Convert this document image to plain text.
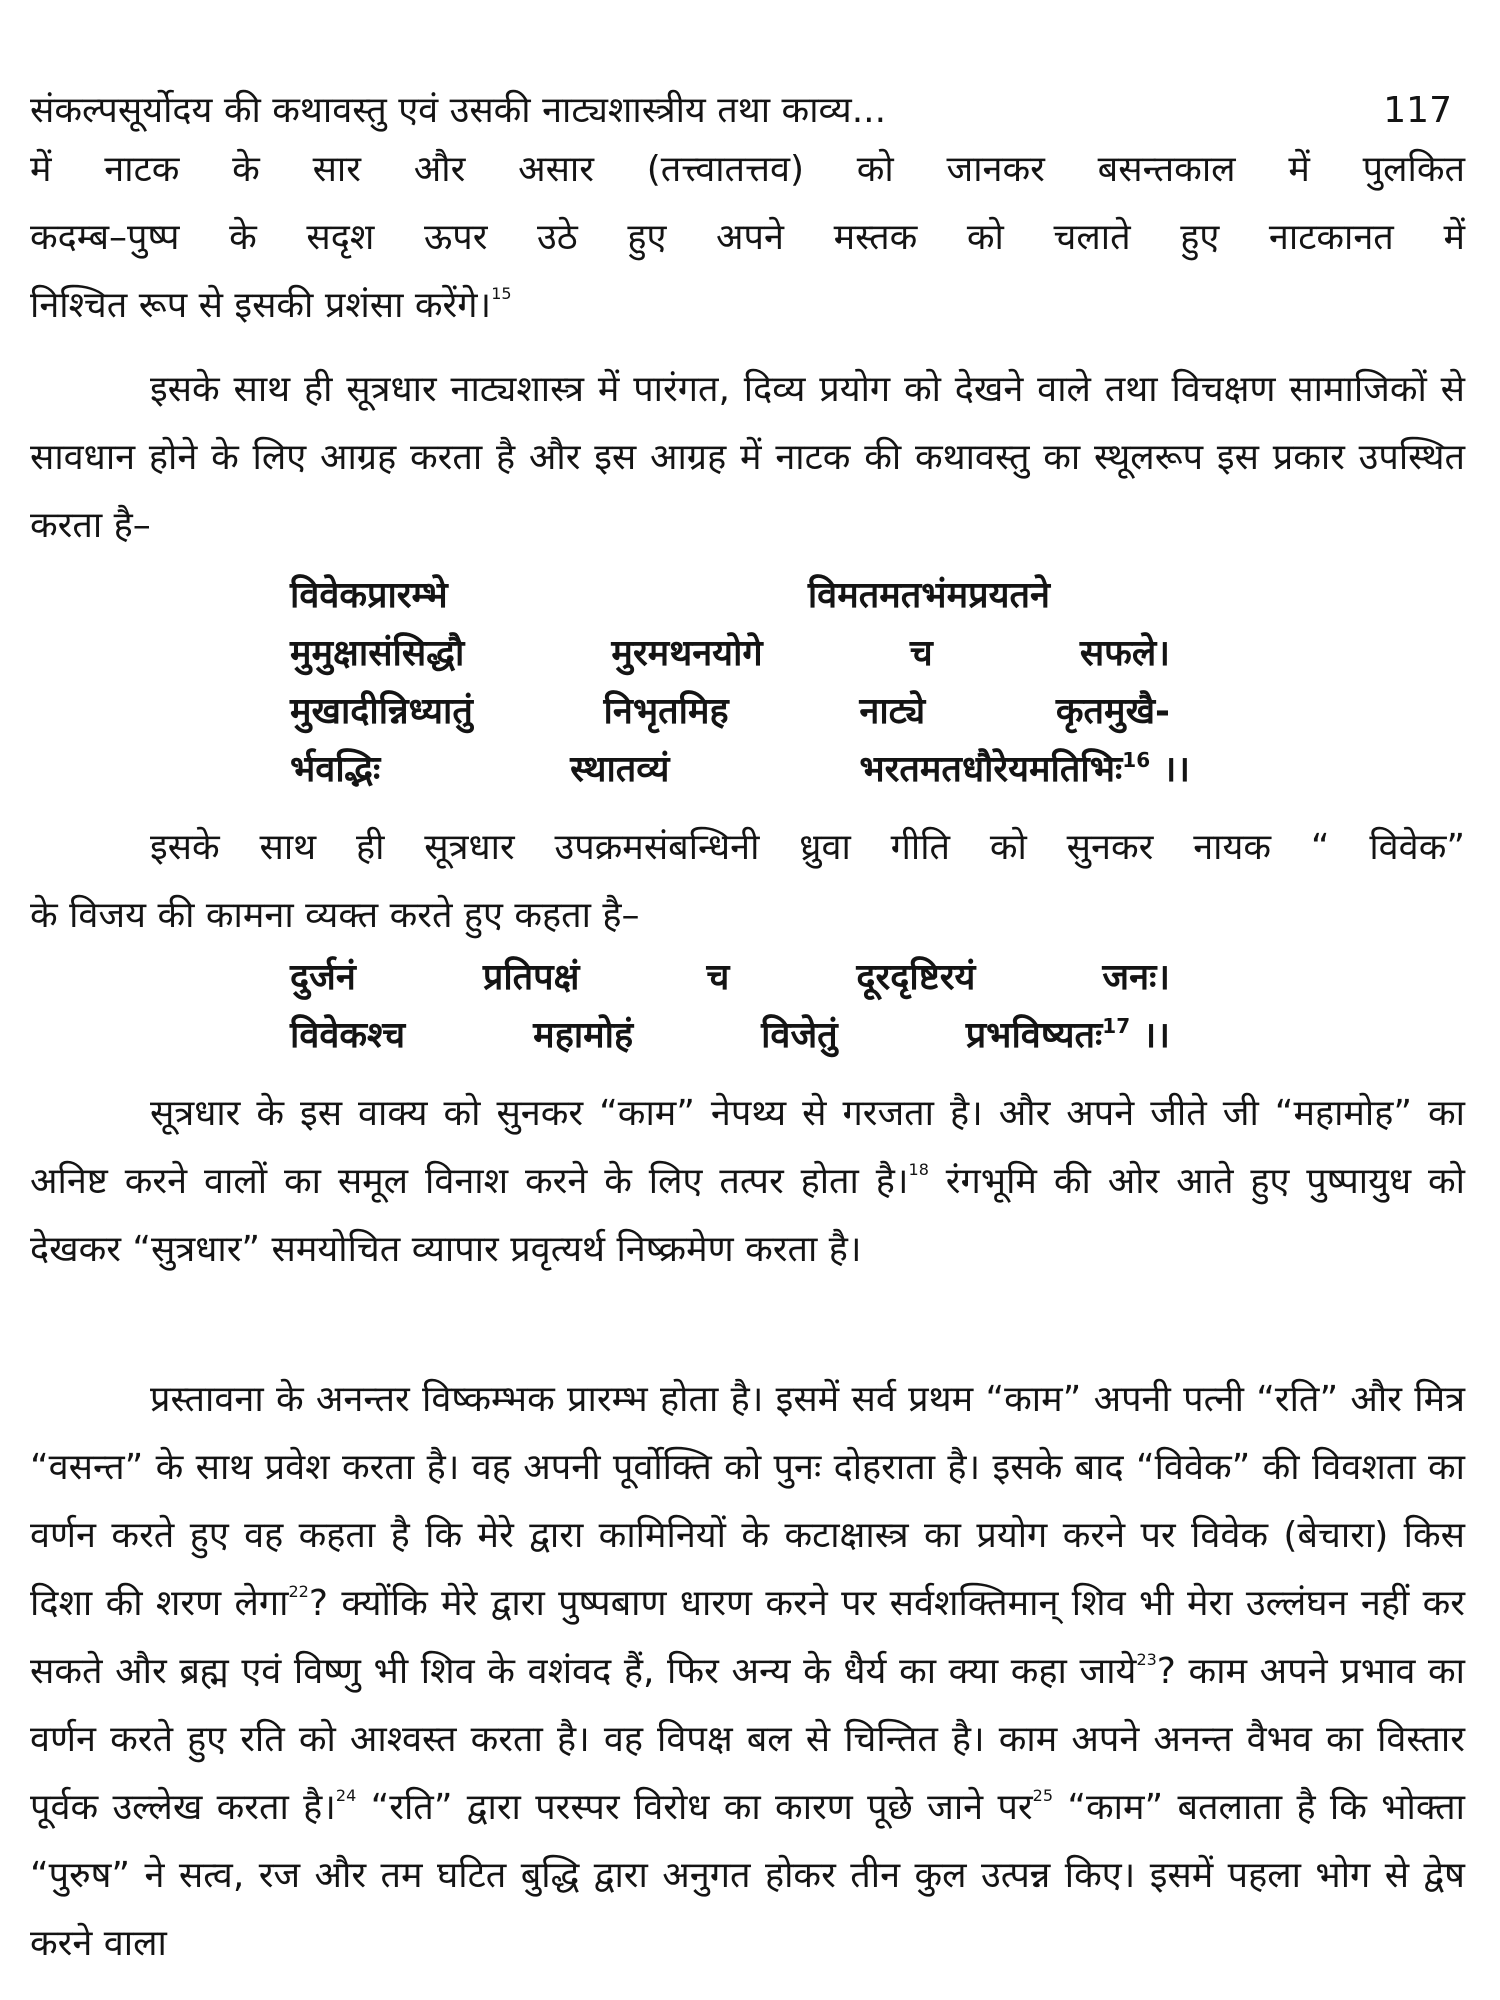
संकल्पसूर्योदय की कथावस्तु एवं उसकी नाट्यशास्त्रीय तथा काव्य...	117

में नाटक के सार और असार (तत्त्वातत्तव) को जानकर बसन्तकाल में पुलकित

कदम्ब–पुष्प के सदृश ऊपर उठे हुए अपने मस्तक को चलाते हुए नाटकानत में

निश्चित रूप से इसकी प्रशंसा करेंगे।$^{15}$

इसके साथ ही सूत्रधार नाट्यशास्त्र में पारंगत, दिव्य प्रयोग को देखने वाले तथा विचक्षण सामाजिकों से सावधान होने के लिए आग्रह करता है और इस आग्रह में नाटक की कथावस्तु का स्थूलरूप इस प्रकार उपस्थित करता है–

विवेकप्रारम्भे	विमतमतभंमप्रयतने
मुमुक्षासंसिद्धौ	मुरमथनयोगे	च	सफले।
मुखादीन्निध्यातुं	निभृतमिह	नाट्ये	कृतमुखै-
र्भवद्भिः	स्थातव्यं	भरतमतधौरेयमतिभिः$^{16}$ ।।

इसके साथ ही सूत्रधार उपक्रमसंबन्धिनी ध्रुवा गीति को सुनकर नायक “ विवेक”

के विजय की कामना व्यक्त करते हुए कहता है–

दुर्जनं	प्रतिपक्षं	च	दूरदृष्टिरयं	जनः।
विवेकश्च	महामोहं	विजेतुं	प्रभविष्यतः$^{17}$ ।।

सूत्रधार के इस वाक्य को सुनकर “काम” नेपथ्य से गरजता है। और अपने जीते जी “महामोह” का अनिष्ट करने वालों का समूल विनाश करने के लिए तत्पर होता है।$^{18}$ रंगभूमि की ओर आते हुए पुष्पायुध को देखकर “सुत्रधार” समयोचित व्यापार प्रवृत्यर्थ निष्क्रमेण करता है।

प्रस्तावना के अनन्तर विष्कम्भक प्रारम्भ होता है। इसमें सर्व प्रथम “काम” अपनी पत्नी “रति” और मित्र “वसन्त” के साथ प्रवेश करता है। वह अपनी पूर्वोक्ति को पुनः दोहराता है। इसके बाद “विवेक” की विवशता का वर्णन करते हुए वह कहता है कि मेरे द्वारा कामिनियों के कटाक्षास्त्र का प्रयोग करने पर विवेक (बेचारा) किस दिशा की शरण लेगा$^{22}$? क्योंकि मेरे द्वारा पुष्पबाण धारण करने पर सर्वशक्तिमान् शिव भी मेरा उल्लंघन नहीं कर सकते और ब्रह्म एवं विष्णु भी शिव के वशंवद हैं, फिर अन्य के धैर्य का क्या कहा जाये$^{23}$? काम अपने प्रभाव का वर्णन करते हुए रति को आश्वस्त करता है। वह विपक्ष बल से चिन्तित है। काम अपने अनन्त वैभव का विस्तार पूर्वक उल्लेख करता है।$^{24}$ “रति” द्वारा परस्पर विरोध का कारण पूछे जाने पर$^{25}$ “काम” बतलाता है कि भोक्ता “पुरुष” ने सत्व, रज और तम घटित बुद्धि द्वारा अनुगत होकर तीन कुल उत्पन्न किए। इसमें पहला भोग से द्वेष करने वाला
